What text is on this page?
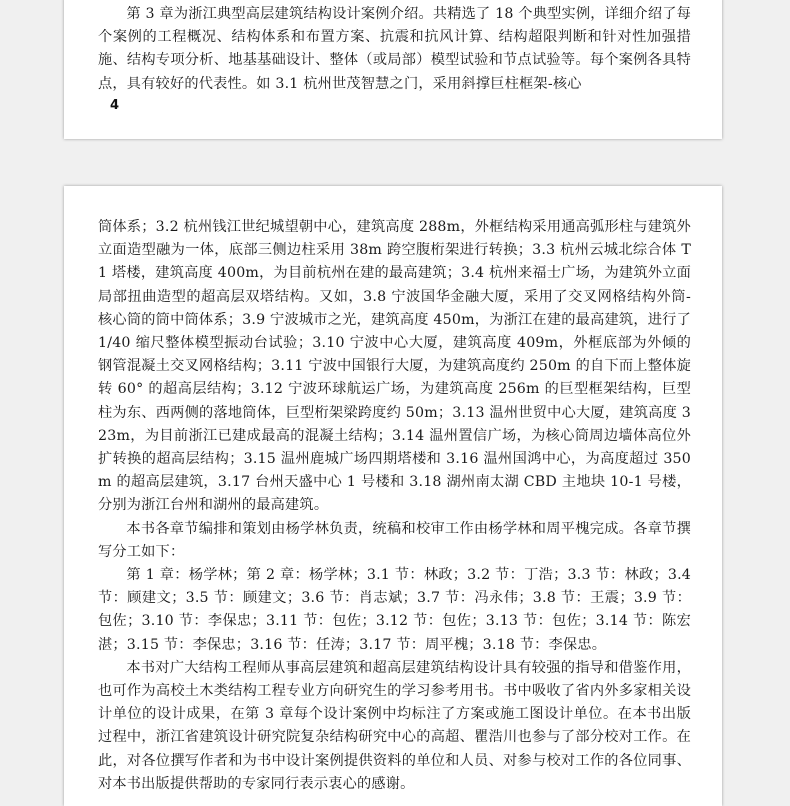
第 3 章为浙江典型高层建筑结构设计案例介绍。共精选了 18 个典型实例，详细介绍了每个案例的工程概况、结构体系和布置方案、抗震和抗风计算、结构超限判断和针对性加强措施、结构专项分析、地基基础设计、整体（或局部）模型试验和节点试验等。每个案例各具特点，具有较好的代表性。如 3.1 杭州世茂智慧之门，采用斜撑巨柱框架-核心

4

筒体系；3.2 杭州钱江世纪城望朝中心，建筑高度 288m，外框结构采用通高弧形柱与建筑外立面造型融为一体，底部三侧边柱采用 38m 跨空腹桁架进行转换；3.3 杭州云城北综合体 T1 塔楼，建筑高度 400m，为目前杭州在建的最高建筑；3.4 杭州来福士广场，为建筑外立面局部扭曲造型的超高层双塔结构。又如，3.8 宁波国华金融大厦，采用了交叉网格结构外筒-核心筒的筒中筒体系；3.9 宁波城市之光，建筑高度 450m，为浙江在建的最高建筑，进行了 1/40 缩尺整体模型振动台试验；3.10 宁波中心大厦，建筑高度 409m，外框底部为外倾的钢管混凝土交叉网格结构；3.11 宁波中国银行大厦，为建筑高度约 250m 的自下而上整体旋转 60° 的超高层结构；3.12 宁波环球航运广场，为建筑高度 256m 的巨型框架结构，巨型柱为东、西两侧的落地筒体，巨型桁架梁跨度约 50m；3.13 温州世贸中心大厦，建筑高度 323m，为目前浙江已建成最高的混凝土结构；3.14 温州置信广场，为核心筒周边墙体高位外扩转换的超高层结构；3.15 温州鹿城广场四期塔楼和 3.16 温州国鸿中心，为高度超过 350m 的超高层建筑，3.17 台州天盛中心 1 号楼和 3.18 湖州南太湖 CBD 主地块 10-1 号楼，分别为浙江台州和湖州的最高建筑。

本书各章节编排和策划由杨学林负责，统稿和校审工作由杨学林和周平槐完成。各章节撰写分工如下：

第 1 章：杨学林；第 2 章：杨学林；3.1 节：林政；3.2 节：丁浩；3.3 节：林政；3.4 节：顾建文；3.5 节：顾建文；3.6 节：肖志斌；3.7 节：冯永伟；3.8 节：王震；3.9 节：包佐；3.10 节：李保忠；3.11 节：包佐；3.12 节：包佐；3.13 节：包佐；3.14 节：陈宏湛；3.15 节：李保忠；3.16 节：任涛；3.17 节：周平槐；3.18 节：李保忠。

本书对广大结构工程师从事高层建筑和超高层建筑结构设计具有较强的指导和借鉴作用，也可作为高校土木类结构工程专业方向研究生的学习参考用书。书中吸收了省内外多家相关设计单位的设计成果，在第 3 章每个设计案例中均标注了方案或施工图设计单位。在本书出版过程中，浙江省建筑设计研究院复杂结构研究中心的高超、瞿浩川也参与了部分校对工作。在此，对各位撰写作者和为书中设计案例提供资料的单位和人员、对参与校对工作的各位同事、对本书出版提供帮助的专家同行表示衷心的感谢。
